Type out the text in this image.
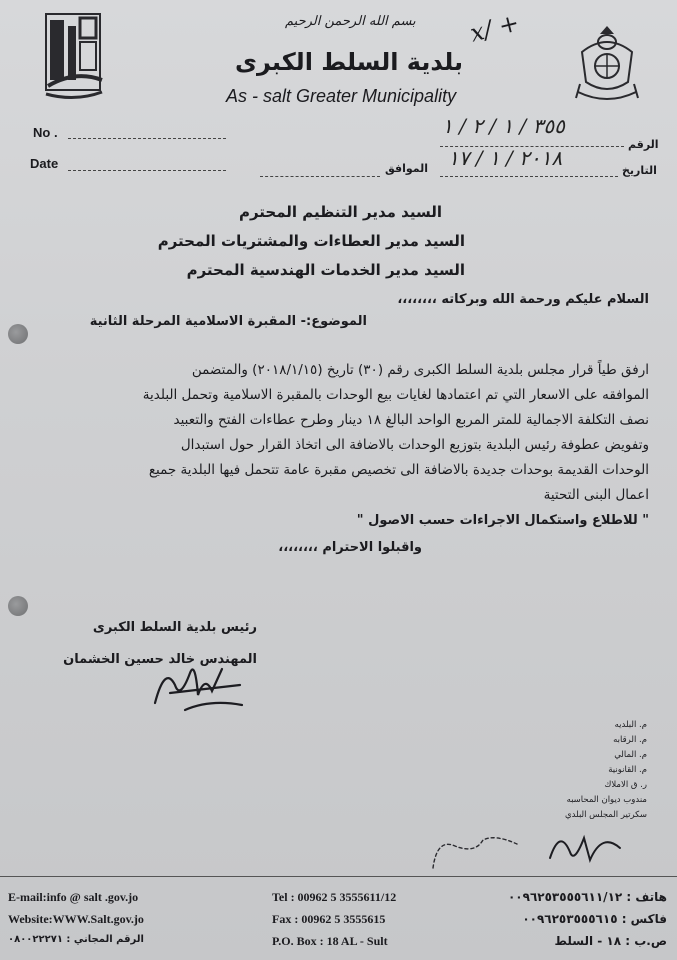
بسم الله الرحمن الرحيم
بلدية السلط الكبرى
As - salt Greater Municipality
x/ +
No .
Date
الرقم
٣٥٥ / ١ / ٢ / ١
التاريخ
٢٠١٨ / ١ / ١٧
الموافق
السيد مدير التنظيم المحترم
السيد مدير العطاءات والمشتريات المحترم
السيد مدير الخدمات الهندسية المحترم
السلام عليكم ورحمة الله وبركاته ،،،،،،،،
الموضوع:- المقبرة الاسلامية المرحلة الثانية
ارفق طياً قرار مجلس بلدية السلط الكبرى رقم (٣٠) تاريخ (٢٠١٨/١/١٥) والمتضمن
الموافقه على الاسعار التي تم اعتمادها لغايات بيع الوحدات بالمقبرة الاسلامية وتحمل البلدية
نصف التكلفة الاجمالية للمتر المربع الواحد البالغ ١٨ دينار وطرح عطاءات الفتح والتعبيد
وتفويض عطوفة رئيس البلدية بتوزيع الوحدات بالاضافة الى اتخاذ القرار حول استبدال
الوحدات القديمة بوحدات جديدة بالاضافة الى تخصيص مقبرة عامة تتحمل فيها البلدية جميع
اعمال البنى التحتية
" للاطلاع واستكمال الاجراءات حسب الاصول "
واقبلوا الاحترام ،،،،،،،،
رئيس بلدية السلط الكبرى
المهندس خالد حسين الخشمان
م. البلديه
م. الرقابه
م. المالي
م. القانونية
ر. ق الاملاك
مندوب ديوان المحاسبه
سكرتير المجلس البلدي
E-mail:info @ salt .gov.jo
Website:WWW.Salt.gov.jo
الرقم المجاني : ٠٨٠٠٢٢٢٧١
Tel : 00962 5 3555611/12
Fax : 00962 5 3555615
P.O. Box : 18 AL - Sult
هاتف : ٠٠٩٦٢٥٣٥٥٥٦١١/١٢
فاكس : ٠٠٩٦٢٥٣٥٥٥٦١٥
ص.ب : ١٨ - السلط
